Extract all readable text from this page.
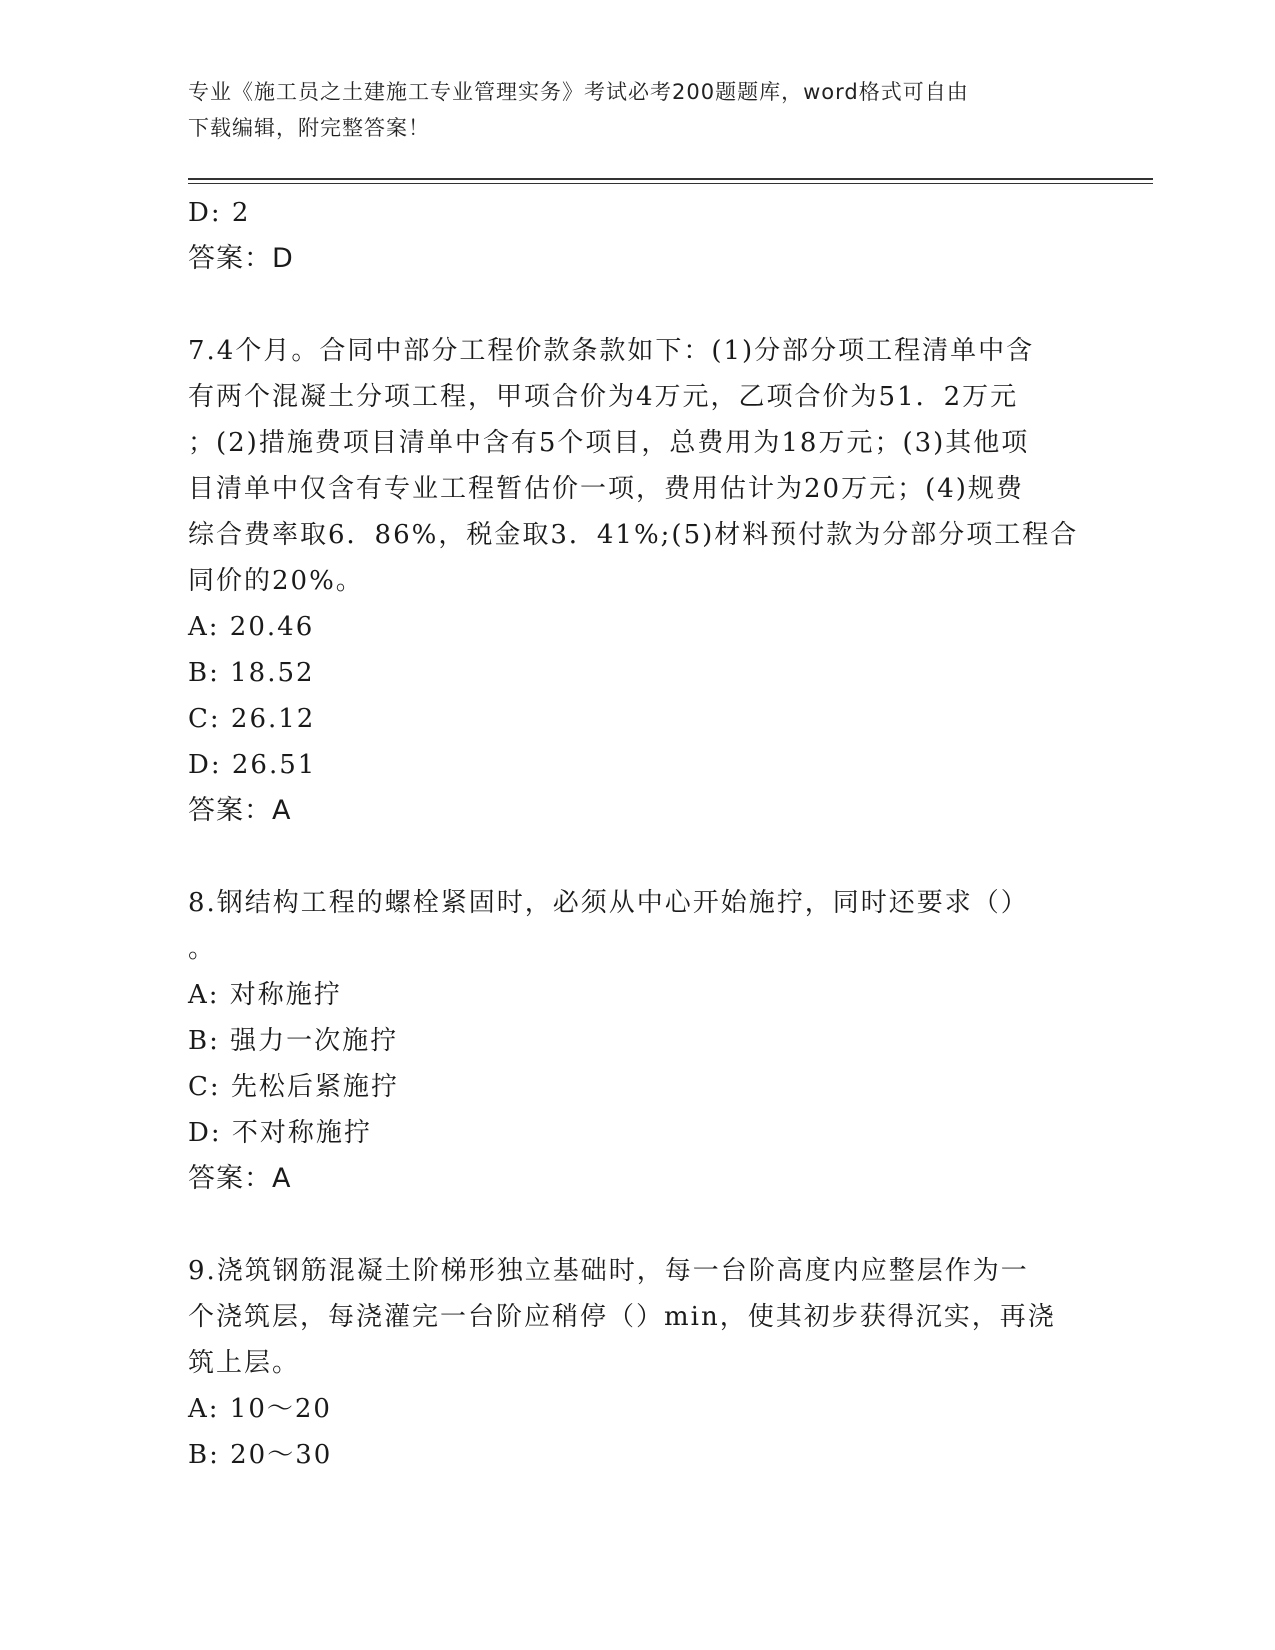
专业《施工员之土建施工专业管理实务》考试必考200题题库，word格式可自由
下载编辑，附完整答案！

D: 2

答案：D

7.4个月。合同中部分工程价款条款如下：(1)分部分项工程清单中含

有两个混凝土分项工程，甲项合价为4万元，乙项合价为51．2万元

；(2)措施费项目清单中含有5个项目，总费用为18万元；(3)其他项

目清单中仅含有专业工程暂估价一项，费用估计为20万元；(4)规费

综合费率取6．86%，税金取3．41%;(5)材料预付款为分部分项工程合

同价的20%。

A: 20.46

B: 18.52

C: 26.12

D: 26.51

答案：A

8.钢结构工程的螺栓紧固时，必须从中心开始施拧，同时还要求（）

。

A: 对称施拧

B: 强力一次施拧

C: 先松后紧施拧

D: 不对称施拧

答案：A

9.浇筑钢筋混凝土阶梯形独立基础时，每一台阶高度内应整层作为一

个浇筑层，每浇灌完一台阶应稍停（）min，使其初步获得沉实，再浇

筑上层。

A: 10～20

B: 20～30
